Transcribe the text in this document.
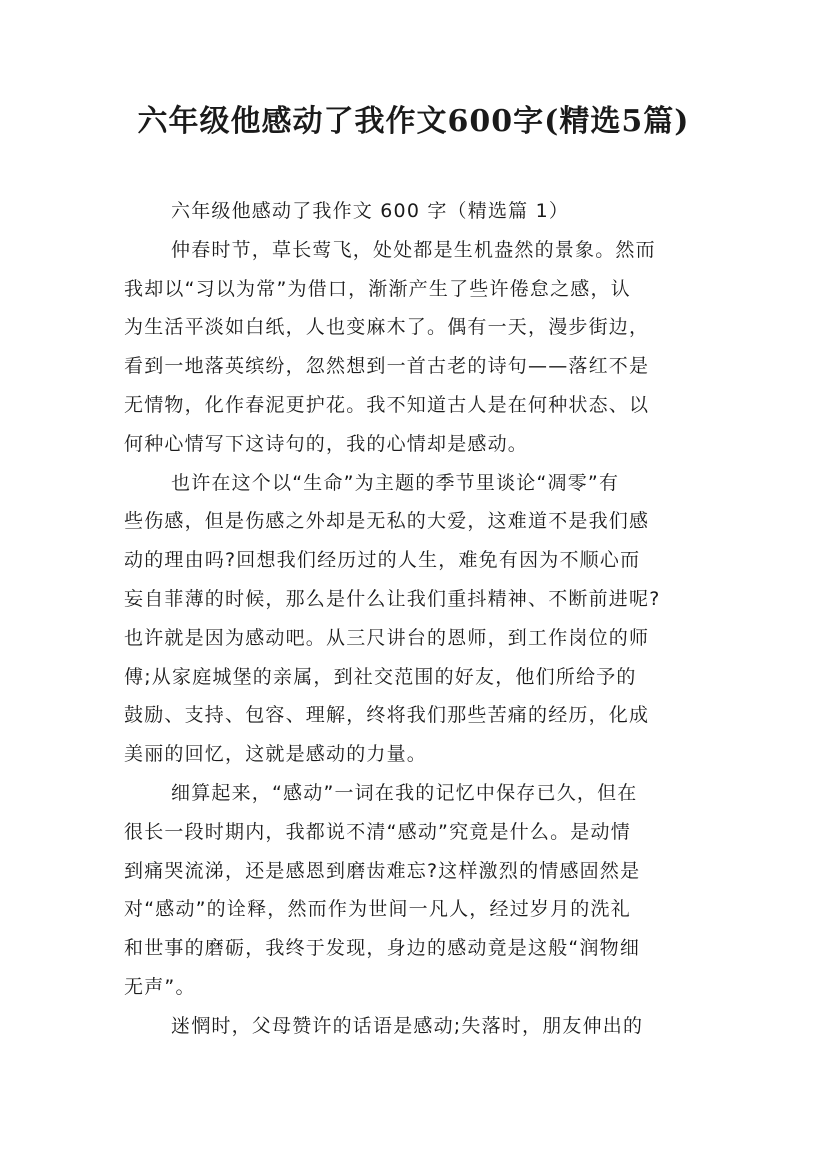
六年级他感动了我作文600字(精选5篇)
六年级他感动了我作文 600 字（精选篇 1）
仲春时节，草长莺飞，处处都是生机盎然的景象。然而
我却以“习以为常”为借口，渐渐产生了些许倦怠之感，认
为生活平淡如白纸，人也变麻木了。偶有一天，漫步街边，
看到一地落英缤纷，忽然想到一首古老的诗句——落红不是
无情物，化作春泥更护花。我不知道古人是在何种状态、以
何种心情写下这诗句的，我的心情却是感动。
也许在这个以“生命”为主题的季节里谈论“凋零”有
些伤感，但是伤感之外却是无私的大爱，这难道不是我们感
动的理由吗?回想我们经历过的人生，难免有因为不顺心而
妄自菲薄的时候，那么是什么让我们重抖精神、不断前进呢?
也许就是因为感动吧。从三尺讲台的恩师，到工作岗位的师
傅;从家庭城堡的亲属，到社交范围的好友，他们所给予的
鼓励、支持、包容、理解，终将我们那些苦痛的经历，化成
美丽的回忆，这就是感动的力量。
细算起来，“感动”一词在我的记忆中保存已久，但在
很长一段时期内，我都说不清“感动”究竟是什么。是动情
到痛哭流涕，还是感恩到磨齿难忘?这样激烈的情感固然是
对“感动”的诠释，然而作为世间一凡人，经过岁月的洗礼
和世事的磨砺，我终于发现，身边的感动竟是这般“润物细
无声”。
迷惘时，父母赞许的话语是感动;失落时，朋友伸出的
